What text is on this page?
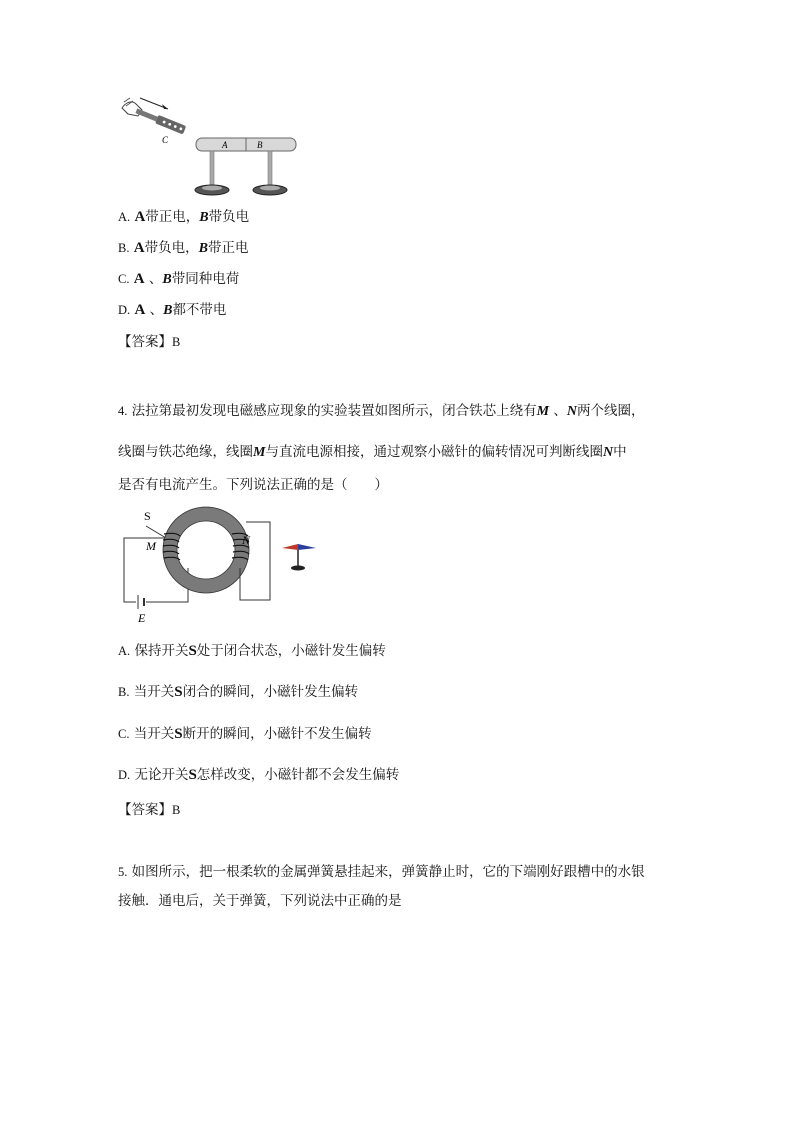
C	A	B
A. A带正电，B带负电
B. A带负电，B带正电
C. A 、B带同种电荷
D. A 、B都不带电
【答案】B
4. 法拉第最初发现电磁感应现象的实验装置如图所示，闭合铁芯上绕有M 、N两个线圈，
线圈与铁芯绝缘，线圈M与直流电源相接，通过观察小磁针的偏转情况可判断线圈N中
是否有电流产生。下列说法正确的是（　　）
S
E
M	N
A. 保持开关S处于闭合状态，小磁针发生偏转
B. 当开关S闭合的瞬间，小磁针发生偏转
C. 当开关S断开的瞬间，小磁针不发生偏转
D. 无论开关S怎样改变，小磁针都不会发生偏转
【答案】B
5. 如图所示，把一根柔软的金属弹簧悬挂起来，弹簧静止时，它的下端刚好跟槽中的水银
接触．通电后，关于弹簧，下列说法中正确的是
